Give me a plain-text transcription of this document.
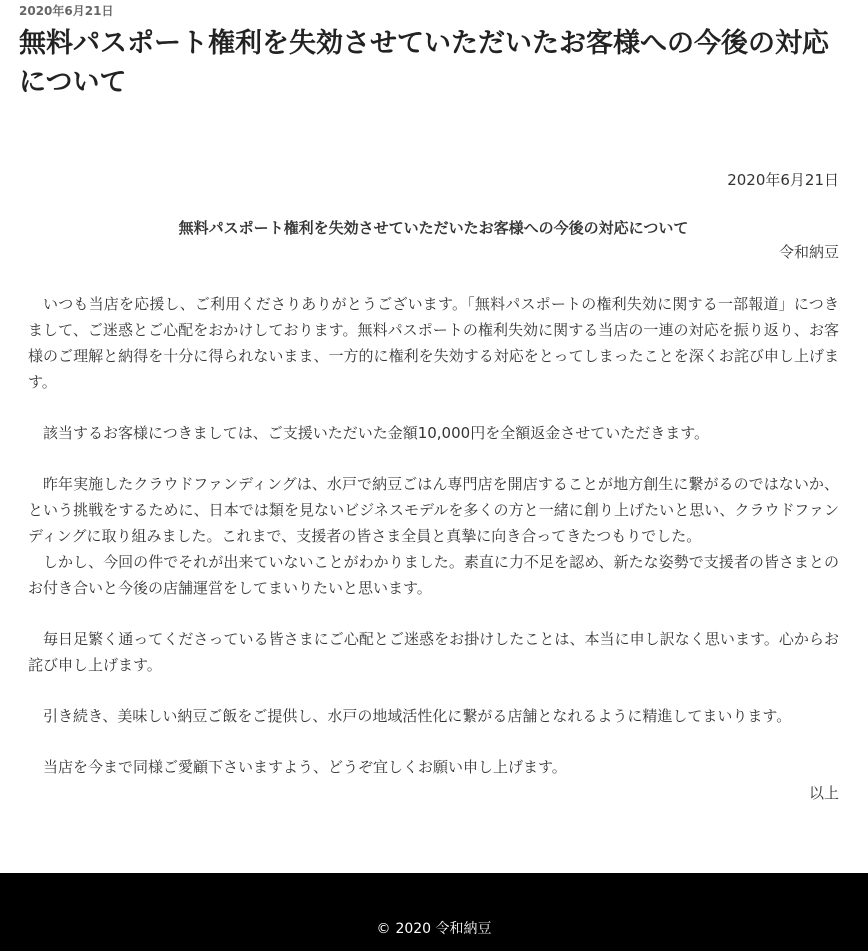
2020年6月21日
無料パスポート権利を失効させていただいたお客様への今後の対応について
2020年6月21日
無料パスポート権利を失効させていただいたお客様への今後の対応について
令和納豆

いつも当店を応援し、ご利用くださりありがとうございます。「無料パスポートの権利失効に関する一部報道」につきまして、ご迷惑とご心配をおかけしております。無料パスポートの権利失効に関する当店の一連の対応を振り返り、お客様のご理解と納得を十分に得られないまま、一方的に権利を失効する対応をとってしまったことを深くお詫び申し上げます。

該当するお客様につきましては、ご支援いただいた金額10,000円を全額返金させていただきます。

昨年実施したクラウドファンディングは、水戸で納豆ごはん専門店を開店することが地方創生に繋がるのではないか、という挑戦をするために、日本では類を見ないビジネスモデルを多くの方と一緒に創り上げたいと思い、クラウドファンディングに取り組みました。これまで、支援者の皆さま全員と真摯に向き合ってきたつもりでした。

しかし、今回の件でそれが出来ていないことがわかりました。素直に力不足を認め、新たな姿勢で支援者の皆さまとのお付き合いと今後の店舗運営をしてまいりたいと思います。

毎日足繁く通ってくださっている皆さまにご心配とご迷惑をお掛けしたことは、本当に申し訳なく思います。心からお詫び申し上げます。

引き続き、美味しい納豆ご飯をご提供し、水戸の地域活性化に繋がる店舗となれるように精進してまいります。

当店を今まで同様ご愛顧下さいますよう、どうぞ宜しくお願い申し上げます。

以上
© 2020 令和納豆
